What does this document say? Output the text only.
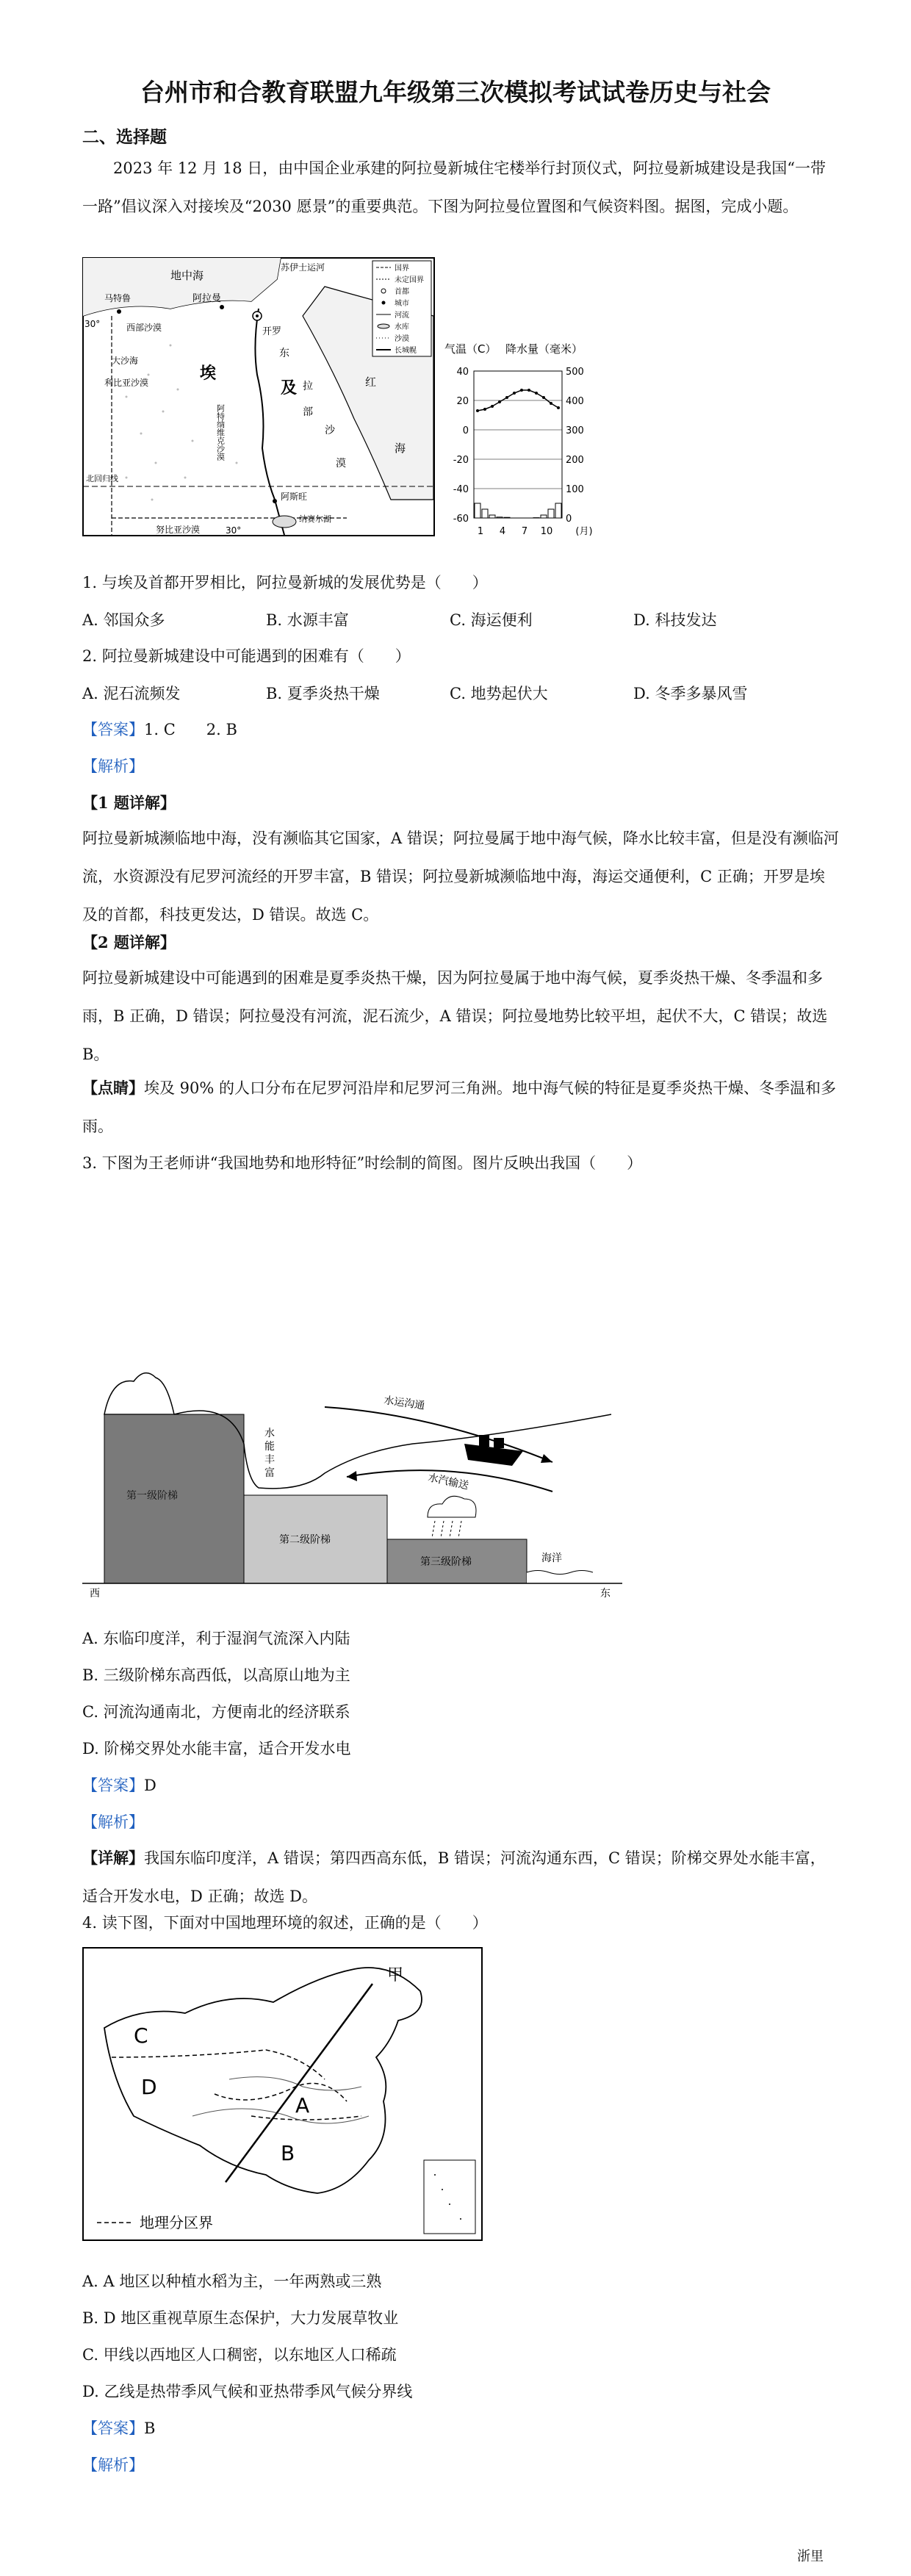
台州市和合教育联盟九年级第三次模拟考试试卷历史与社会
二、选择题
2023 年 12 月 18 日，由中国企业承建的阿拉曼新城住宅楼举行封顶仪式，阿拉曼新城建设是我国“一带一路”倡议深入对接埃及“2030 愿景”的重要典范。下图为阿拉曼位置图和气候资料图。据图，完成小题。
地中海
苏伊士运河
开罗
阿拉曼
马特鲁
西部沙漠
东
埃
及
大沙海
利比亚沙漠	拉
部
沙
漠
红
海
阿斯旺
纳赛尔湖
努比亚沙漠
北回归线
30°
30°
阿特纳维克沙漠
国界
未定国界
首都
城市
河流
水库
沙漠
长城幌	气温（C） 降水量（毫米）
40
20
0
-20
-40
-60
500
400
300
200
100
0
1 4 7 10 (月)
1. 与埃及首都开罗相比，阿拉曼新城的发展优势是（　　）
A. 邻国众多	B. 水源丰富	C. 海运便利	D. 科技发达
2. 阿拉曼新城建设中可能遇到的困难有（　　）
A. 泥石流频发	B. 夏季炎热干燥	C. 地势起伏大	D. 冬季多暴风雪
【答案】1. C　　2. B
【解析】
【1 题详解】
阿拉曼新城濒临地中海，没有濒临其它国家，A 错误；阿拉曼属于地中海气候，降水比较丰富，但是没有濒临河流，水资源没有尼罗河流经的开罗丰富，B 错误；阿拉曼新城濒临地中海，海运交通便利，C 正确；开罗是埃及的首都，科技更发达，D 错误。故选 C。
【2 题详解】
阿拉曼新城建设中可能遇到的困难是夏季炎热干燥，因为阿拉曼属于地中海气候，夏季炎热干燥、冬季温和多雨，B 正确，D 错误；阿拉曼没有河流，泥石流少，A 错误；阿拉曼地势比较平坦，起伏不大，C 错误；故选 B。
【点睛】埃及 90% 的人口分布在尼罗河沿岸和尼罗河三角洲。地中海气候的特征是夏季炎热干燥、冬季温和多雨。
3. 下图为王老师讲“我国地势和地形特征”时绘制的简图。图片反映出我国（　　）
第一级阶梯
第二级阶梯
第三级阶梯
水
能
丰
富
水运沟通
水汽输送
海洋
西	东
A. 东临印度洋，利于湿润气流深入内陆
B. 三级阶梯东高西低，以高原山地为主
C. 河流沟通南北，方便南北的经济联系
D. 阶梯交界处水能丰富，适合开发水电
【答案】D
【解析】
【详解】我国东临印度洋，A 错误；第四西高东低，B 错误；河流沟通东西，C 错误；阶梯交界处水能丰富，适合开发水电，D 正确；故选 D。
4. 读下图，下面对中国地理环境的叙述，正确的是（　　）
甲
C
D
A
B
地理分区界
A. A 地区以种植水稻为主，一年两熟或三熟
B. D 地区重视草原生态保护，大力发展草牧业
C. 甲线以西地区人口稠密，以东地区人口稀疏
D. 乙线是热带季风气候和亚热带季风气候分界线
【答案】B
【解析】
浙里
